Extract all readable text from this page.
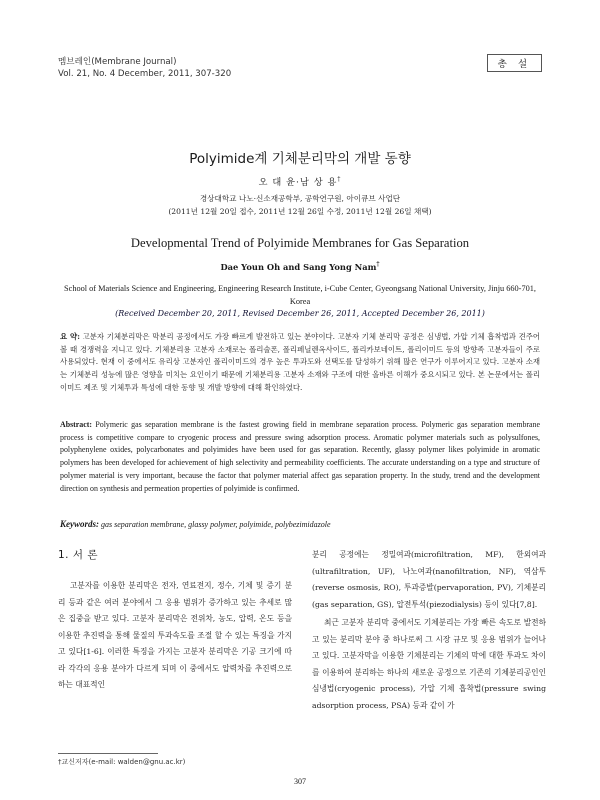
멤브레인(Membrane Journal)
Vol. 21, No. 4 December, 2011, 307-320
총 설
Polyimide계 기체분리막의 개발 동향
오 대 윤·남 상 용†
경상대학교 나노·신소재공학부, 공학연구원, 아이큐브 사업단
(2011년 12월 20일 접수, 2011년 12월 26일 수정, 2011년 12월 26일 채택)
Developmental Trend of Polyimide Membranes for Gas Separation
Dae Youn Oh and Sang Yong Nam†
School of Materials Science and Engineering, Engineering Research Institute, i-Cube Center, Gyeongsang National University, Jinju 660-701, Korea
(Received December 20, 2011, Revised December 26, 2011, Accepted December 26, 2011)
요 약: 고분자 기체분리막은 막분리 공정에서도 가장 빠르게 발전하고 있는 분야이다. 고분자 기체 분리막 공정은 심냉법, 가압 기체 흡착법과 견주어 볼 때 경쟁력을 지니고 있다. 기체분리용 고분자 소재로는 폴리술폰, 폴리페닐렌옥사이드, 폴리카보네이트, 폴리이미드 등의 방향족 고분자들이 주로 사용되었다. 현재 이 중에서도 유리상 고분자인 폴리이미드의 경우 높은 투과도와 선택도를 달성하기 위해 많은 연구가 이루어지고 있다. 고분자 소재는 기체분리 성능에 많은 영향을 미치는 요인이기 때문에 기체분리용 고분자 소재와 구조에 대한 올바른 이해가 중요시되고 있다. 본 논문에서는 폴리이미드 제조 및 기체투과 특성에 대한 동향 및 개발 방향에 대해 확인하였다.
Abstract: Polymeric gas separation membrane is the fastest growing field in membrane separation process. Polymeric gas separation membrane process is competitive compare to cryogenic process and pressure swing adsorption process. Aromatic polymer materials such as polysulfones, polyphenylene oxides, polycarbonates and polyimides have been used for gas separation. Recently, glassy polymer likes polyimide in aromatic polymers has been developed for achievement of high selectivity and permeability coefficients. The accurate understanding on a type and structure of polymer material is very important, because the factor that polymer material affect gas separation property. In the study, trend and the development direction on synthesis and permeation properties of polyimide is confirmed.
Keywords: gas separation membrane, glassy polymer, polyimide, polybezimidazole
1. 서 론

고분자를 이용한 분리막은 전자, 연료전지, 정수, 기체 및 증기 분리 등과 같은 여러 분야에서 그 응용 범위가 증가하고 있는 추세로 많은 집중을 받고 있다. 고분자 분리막은 전위차, 농도, 압력, 온도 등을 이용한 추진력을 통해 물질의 투과속도를 조절 할 수 있는 특징을 가지고 있다[1-6]. 이러한 특징을 가지는 고분자 분리막은 기공 크기에 따라 각각의 응용 분야가 다르게 되며 이 중에서도 압력차를 추진력으로 하는 대표적인

분리 공정에는 정밀여과(microfiltration, MF), 한외여과(ultrafiltration, UF), 나노여과(nanofiltration, NF), 역삼투(reverse osmosis, RO), 투과증발(pervaporation, PV), 기체분리(gas separation, GS), 압전투석(piezodialysis) 등이 있다[7,8].

최근 고분자 분리막 중에서도 기체분리는 가장 빠른 속도로 발전하고 있는 분리막 분야 중 하나로써 그 시장 규모 및 응용 범위가 늘어나고 있다. 고분자막을 이용한 기체분리는 기체의 막에 대한 투과도 차이를 이용하여 분리하는 하나의 새로운 공정으로 기존의 기체분리공인인 심냉법(cryogenic process), 가압 기체 흡착법(pressure swing adsorption process, PSA) 등과 같이 가

†교신저자(e-mail: walden@gnu.ac.kr)
307
